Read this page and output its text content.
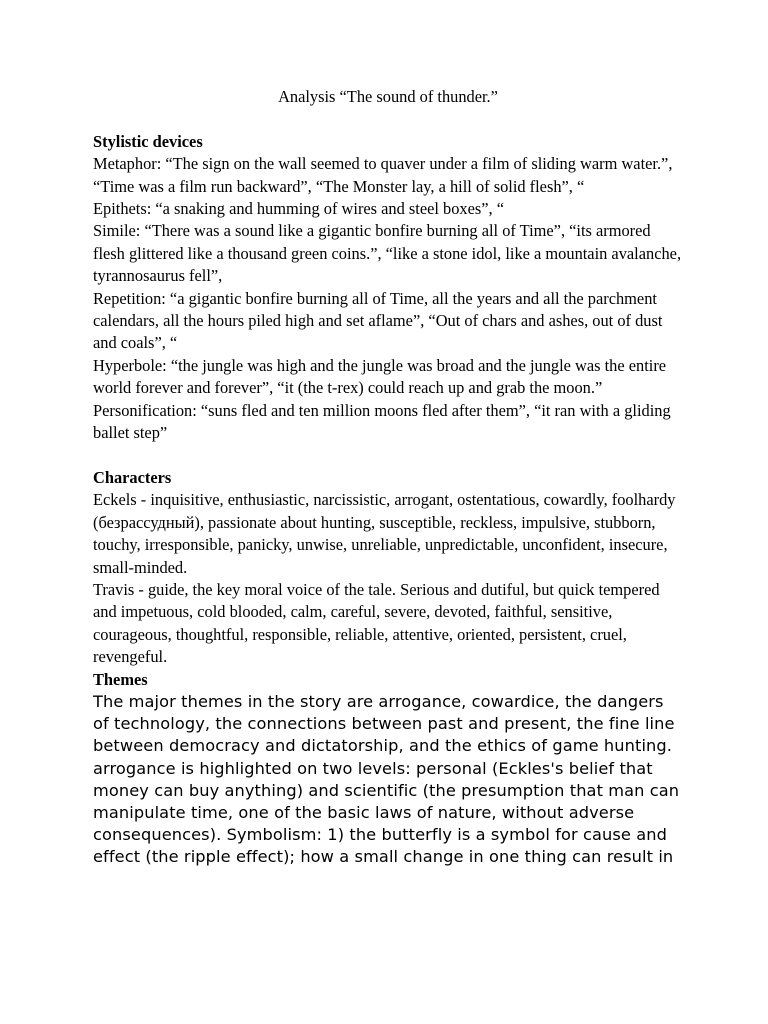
Analysis “The sound of thunder.”

Stylistic devices

Metaphor: “The sign on the wall seemed to quaver under a film of sliding warm water.”, “Time was a film run backward”, “The Monster lay, a hill of solid flesh”, “

Epithets: “a snaking and humming of wires and steel boxes”, “

Simile: “There was a sound like a gigantic bonfire burning all of Time”, “its armored flesh glittered like a thousand green coins.”, “like a stone idol, like a mountain avalanche, tyrannosaurus fell”,

Repetition: “a gigantic bonfire burning all of Time, all the years and all the parchment calendars, all the hours piled high and set aflame”, “Out of chars and ashes, out of dust and coals”, “

Hyperbole: “the jungle was high and the jungle was broad and the jungle was the entire world forever and forever”, “it (the t-rex) could reach up and grab the moon.”

Personification: “suns fled and ten million moons fled after them”, “it ran with a gliding ballet step”

Characters

Eckels - inquisitive, enthusiastic, narcissistic, arrogant, ostentatious, cowardly, foolhardy (безрассудный), passionate about hunting, susceptible, reckless, impulsive, stubborn, touchy, irresponsible, panicky, unwise, unreliable, unpredictable, unconfident, insecure, small-minded.

Travis - guide, the key moral voice of the tale. Serious and dutiful, but quick tempered and impetuous, cold blooded, calm, careful, severe, devoted, faithful, sensitive, courageous, thoughtful, responsible, reliable, attentive, oriented, persistent, cruel, revengeful.

Themes

The major themes in the story are arrogance, cowardice, the dangers of technology, the connections between past and present, the fine line between democracy and dictatorship, and the ethics of game hunting. arrogance is highlighted on two levels: personal (Eckles's belief that money can buy anything) and scientific (the presumption that man can manipulate time, one of the basic laws of nature, without adverse consequences). Symbolism: 1) the butterfly is a symbol for cause and effect (the ripple effect); how a small change in one thing can result in
